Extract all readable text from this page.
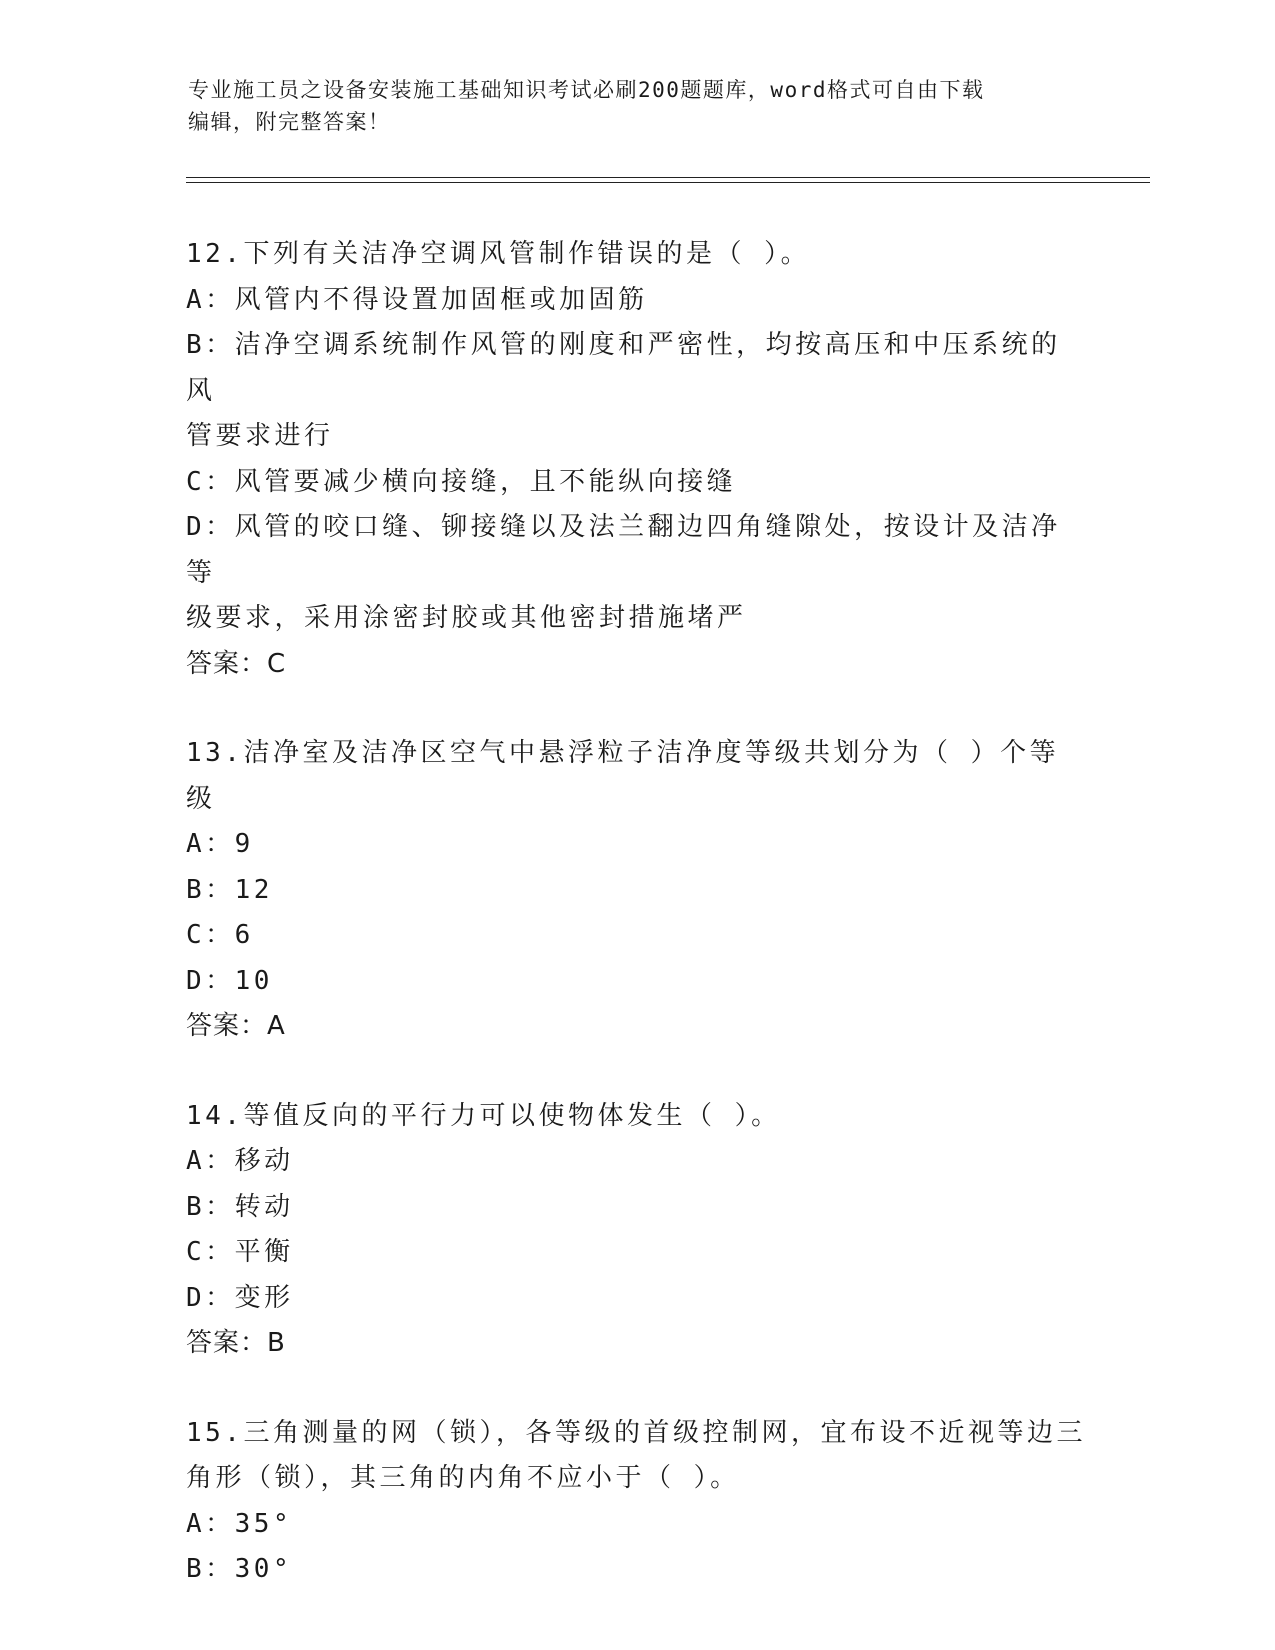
专业施工员之设备安装施工基础知识考试必刷200题题库，word格式可自由下载
编辑，附完整答案！
12.下列有关洁净空调风管制作错误的是（ ）。
A：风管内不得设置加固框或加固筋
B：洁净空调系统制作风管的刚度和严密性，均按高压和中压系统的风
管要求进行
C：风管要减少横向接缝，且不能纵向接缝
D：风管的咬口缝、铆接缝以及法兰翻边四角缝隙处，按设计及洁净等
级要求，采用涂密封胶或其他密封措施堵严
答案：C
13.洁净室及洁净区空气中悬浮粒子洁净度等级共划分为（ ）个等级
A：9
B：12
C：6
D：10
答案：A
14.等值反向的平行力可以使物体发生（ ）。
A：移动
B：转动
C：平衡
D：变形
答案：B
15.三角测量的网（锁），各等级的首级控制网，宜布设不近视等边三
角形（锁），其三角的内角不应小于（ ）。
A：35°
B：30°
